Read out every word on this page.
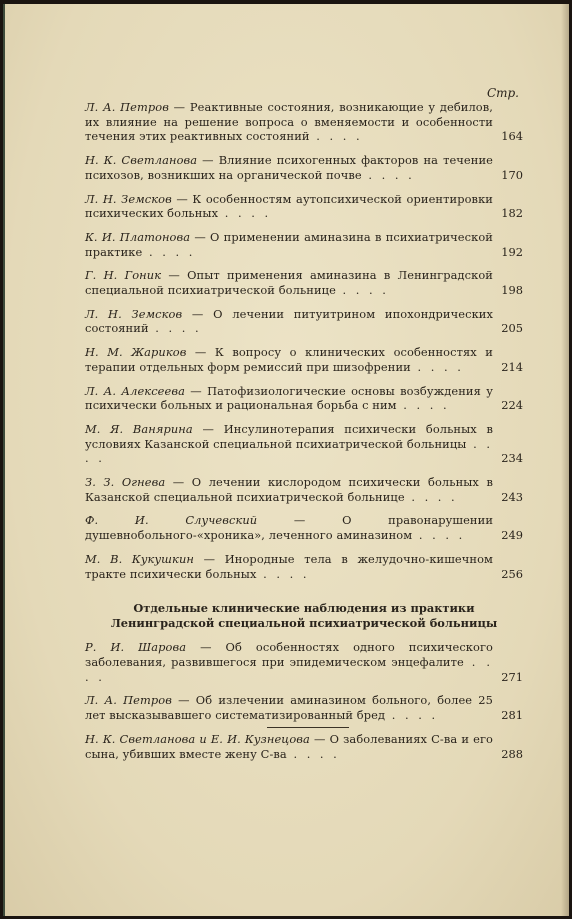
Стр.
Л. А. Петров — Реактивные состояния, возникающие у дебилов, их влияние на решение вопроса о вменяемости и особенности течения этих реактивных состояний . . . .	164
Н. К. Светланова — Влияние психогенных факторов на течение психозов, возникших на органической почве . . . .	170
Л. Н. Земсков — К особенностям аутопсихической ориентировки психических больных . . . .	182
К. И. Платонова — О применении аминазина в психиатрической практике . . . .	192
Г. Н. Гоник — Опыт применения аминазина в Ленинградской специальной психиатрической больнице . . . .	198
Л. Н. Земсков — О лечении питуитрином ипохондрических состояний . . . .	205
Н. М. Жариков — К вопросу о клинических особенностях и терапии отдельных форм ремиссий при шизофрении . . . .	214
Л. А. Алексеева — Патофизиологические основы возбуждения у психически больных и рациональная борьба с ним . . . .	224
М. Я. Ванярина — Инсулинотерапия психически больных в условиях Казанской специальной психиатрической больницы . . . .	234
З. З. Огнева — О лечении кислородом психически больных в Казанской специальной психиатрической больнице . . . .	243
Ф. И. Случевский — О правонарушении душевнобольного-«хроника», леченного аминазином . . . .	249
М. В. Кукушкин — Инородные тела в желудочно-кишечном тракте психически больных . . . .	256
Отдельные клинические наблюдения из практики
Ленинградской специальной психиатрической больницы
Р. И. Шарова — Об особенностях одного психического заболевания, развившегося при эпидемическом энцефалите . . . .	271
Л. А. Петров — Об излечении аминазином больного, более 25 лет высказывавшего систематизированный бред . . . .	281
Н. К. Светланова и Е. И. Кузнецова — О заболеваниях С-ва и его сына, убивших вместе жену С-ва . . . .	288
